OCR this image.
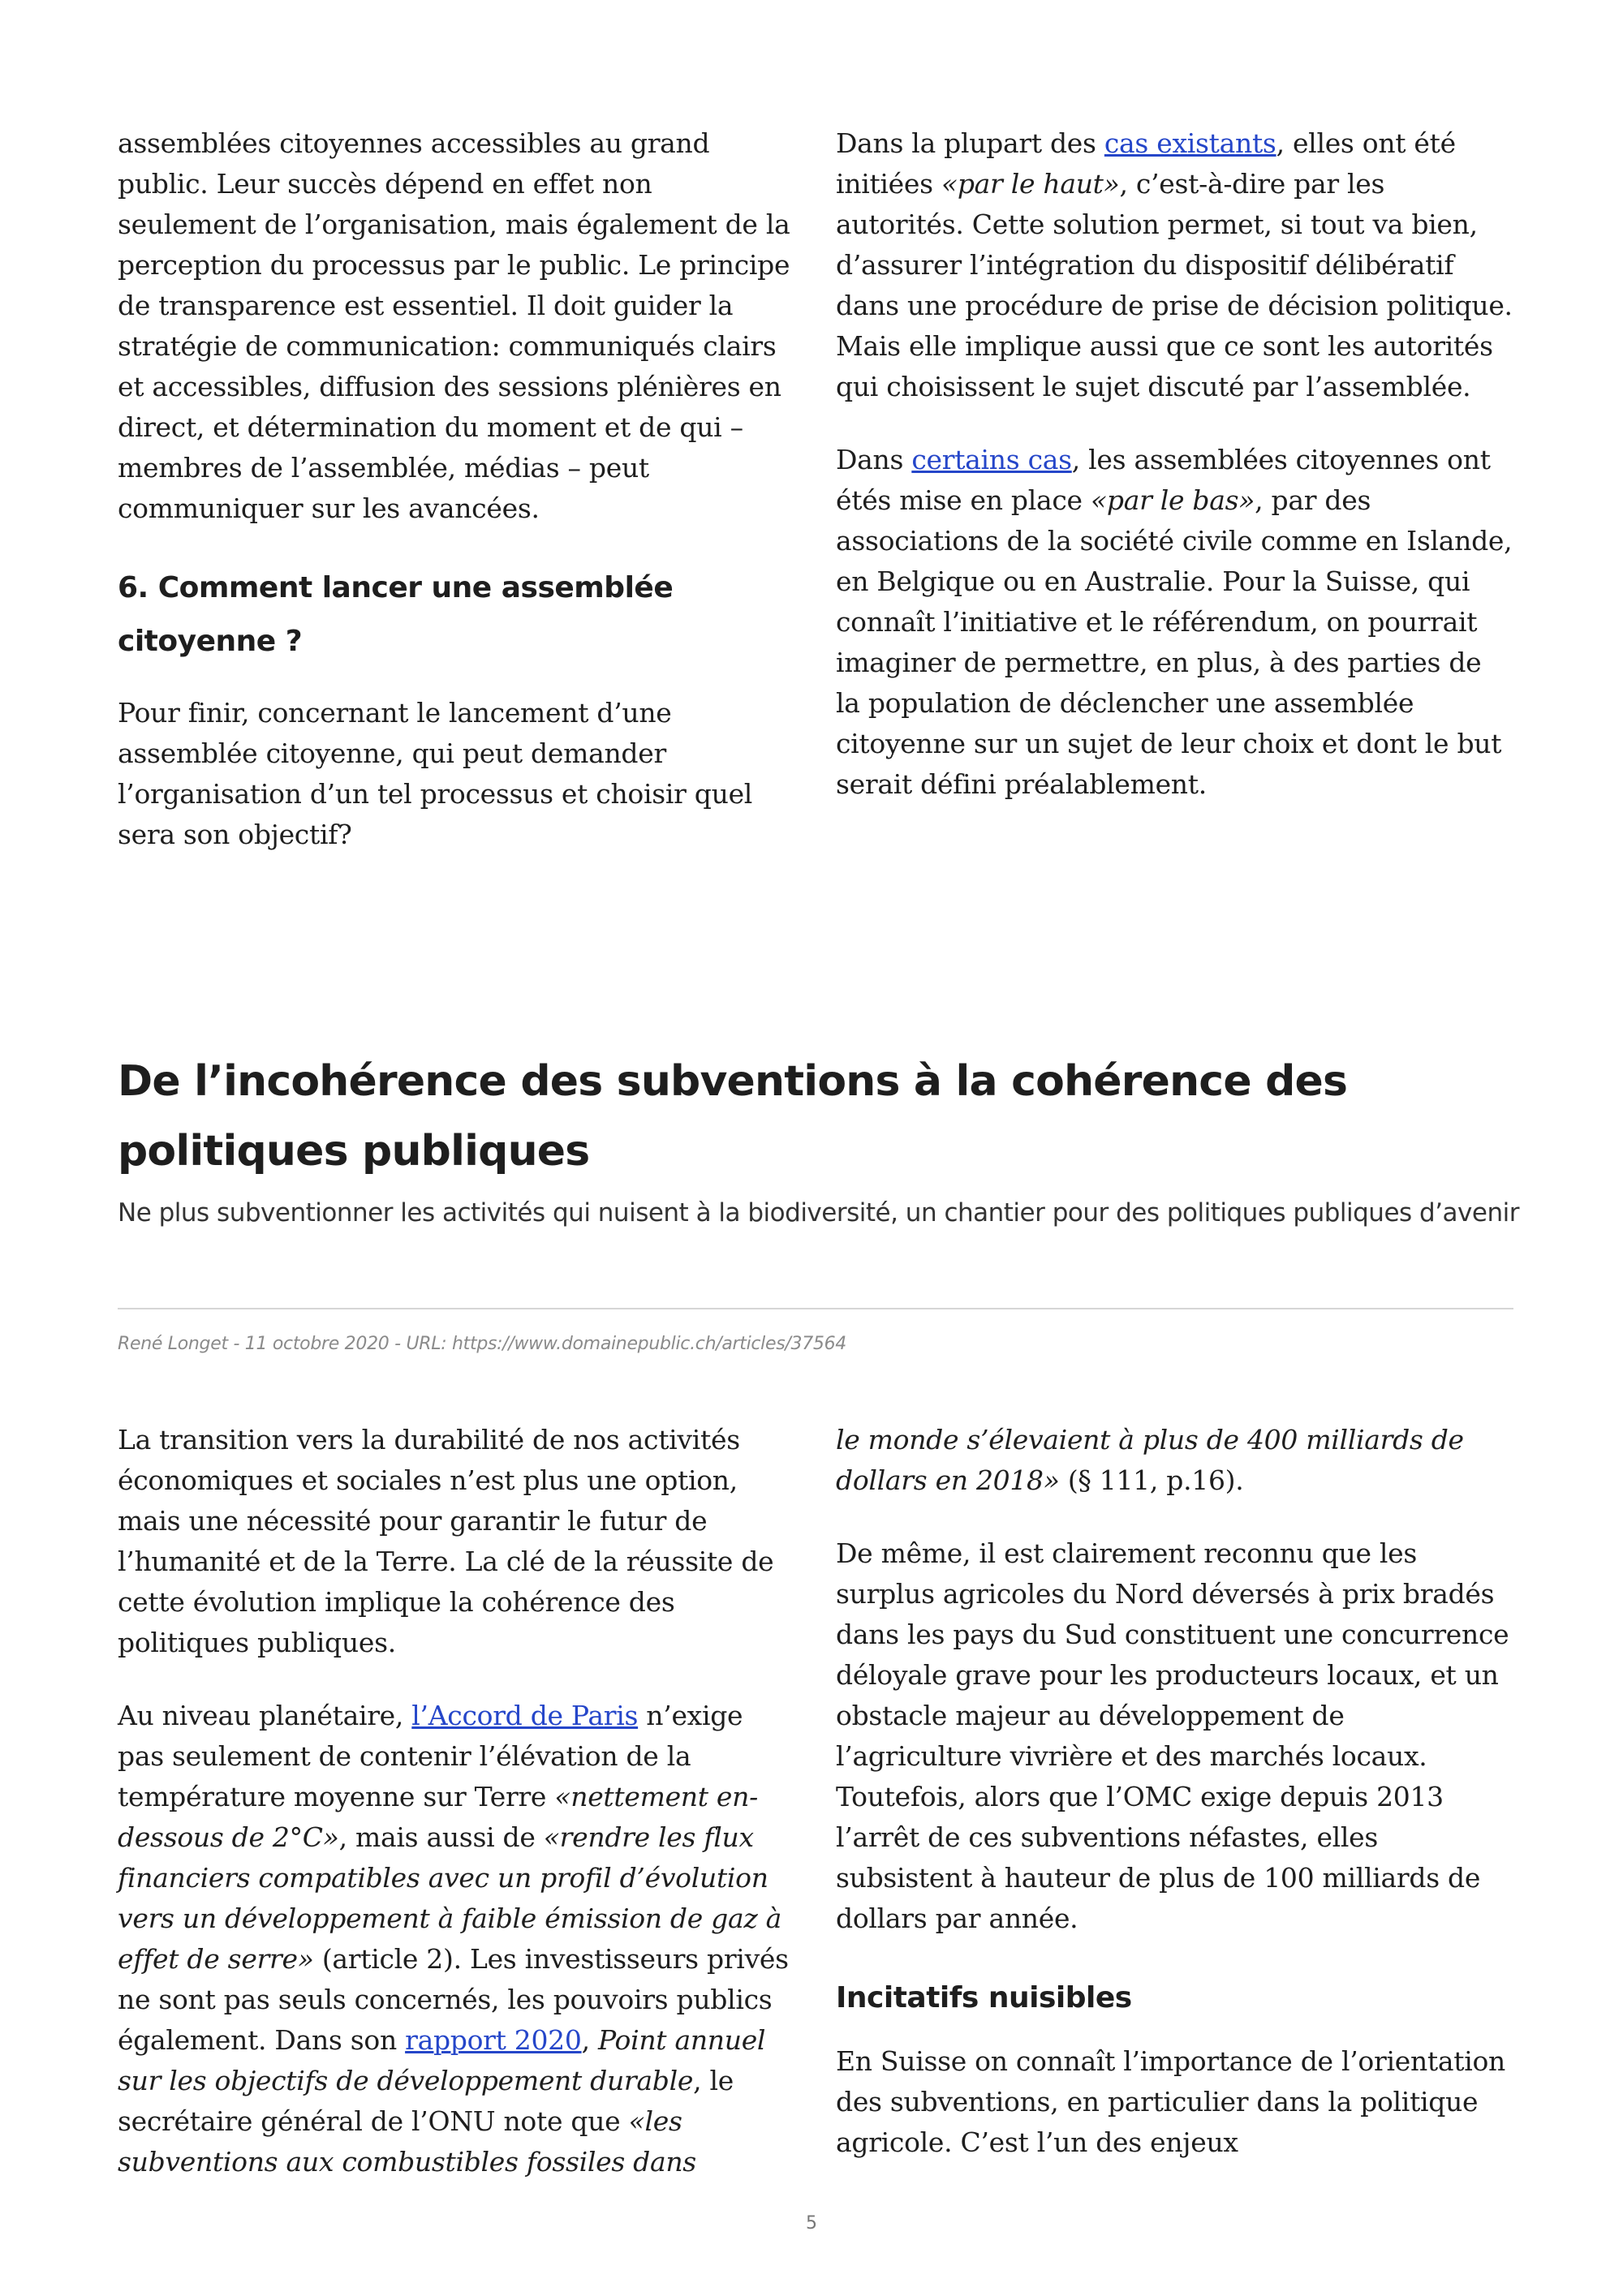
assemblées citoyennes accessibles au grand public. Leur succès dépend en effet non seulement de l’organisation, mais également de la perception du processus par le public. Le principe de transparence est essentiel. Il doit guider la stratégie de communication: communiqués clairs et accessibles, diffusion des sessions plénières en direct, et détermination du moment et de qui – membres de l’assemblée, médias – peut communiquer sur les avancées.

6. Comment lancer une assemblée citoyenne ?

Pour finir, concernant le lancement d’une assemblée citoyenne, qui peut demander l’organisation d’un tel processus et choisir quel sera son objectif?

Dans la plupart des cas existants, elles ont été initiées «par le haut», c’est-à-dire par les autorités. Cette solution permet, si tout va bien, d’assurer l’intégration du dispositif délibératif dans une procédure de prise de décision politique. Mais elle implique aussi que ce sont les autorités qui choisissent le sujet discuté par l’assemblée.

Dans certains cas, les assemblées citoyennes ont étés mise en place «par le bas», par des associations de la société civile comme en Islande, en Belgique ou en Australie. Pour la Suisse, qui connaît l’initiative et le référendum, on pourrait imaginer de permettre, en plus, à des parties de la population de déclencher une assemblée citoyenne sur un sujet de leur choix et dont le but serait défini préalablement.

De l’incohérence des subventions à la cohérence des politiques publiques
Ne plus subventionner les activités qui nuisent à la biodiversité, un chantier pour des politiques publiques d’avenir
René Longet - 11 octobre 2020 - URL: https://www.domainepublic.ch/articles/37564

La transition vers la durabilité de nos activités économiques et sociales n’est plus une option, mais une nécessité pour garantir le futur de l’humanité et de la Terre. La clé de la réussite de cette évolution implique la cohérence des politiques publiques.

Au niveau planétaire, l’Accord de Paris n’exige pas seulement de contenir l’élévation de la température moyenne sur Terre «nettement en-dessous de 2°C», mais aussi de «rendre les flux financiers compatibles avec un profil d’évolution vers un développement à faible émission de gaz à effet de serre» (article 2). Les investisseurs privés ne sont pas seuls concernés, les pouvoirs publics également. Dans son rapport 2020, Point annuel sur les objectifs de développement durable, le secrétaire général de l’ONU note que «les subventions aux combustibles fossiles dans

le monde s’élevaient à plus de 400 milliards de dollars en 2018» (§ 111, p.16).

De même, il est clairement reconnu que les surplus agricoles du Nord déversés à prix bradés dans les pays du Sud constituent une concurrence déloyale grave pour les producteurs locaux, et un obstacle majeur au développement de l’agriculture vivrière et des marchés locaux. Toutefois, alors que l’OMC exige depuis 2013 l’arrêt de ces subventions néfastes, elles subsistent à hauteur de plus de 100 milliards de dollars par année.

Incitatifs nuisibles

En Suisse on connaît l’importance de l’orientation des subventions, en particulier dans la politique agricole. C’est l’un des enjeux

5
